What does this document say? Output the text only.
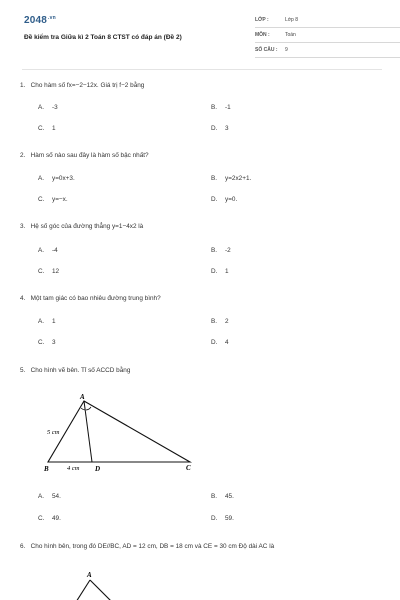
$2048^{.vn}$
Đề kiểm tra Giữa kì 2 Toán 8 CTST có đáp án (Đề 2)
LỚP :	Lớp 8
MÔN :	Toán
SỐ CÂU : 9
1. Cho hàm số fx=−2−12x. Giá trị f−2 bằng
A. -3	B. -1
C. 1	D. 3
2. Hàm số nào sau đây là hàm số bậc nhất?
A. y=0x+3.	B. y=2x2+1.
C. y=−x.	D. y=0.
3. Hệ số góc của đường thẳng y=1−4x2 là
A. -4	B. -2
C. 12	D. 1
4. Một tam giác có bao nhiêu đường trung bình?
A. 1	B. 2
C. 3	D. 4
5. Cho hình vẽ bên. Tỉ số ACCD bằng
A
B	C
D
5 cm
4 cm
A. 54.	B. 45.
C. 49.	D. 59.
6. Cho hình bên, trong đó DE//BC, AD = 12 cm, DB = 18 cm và CE = 30 cm Độ dài AC là
A
